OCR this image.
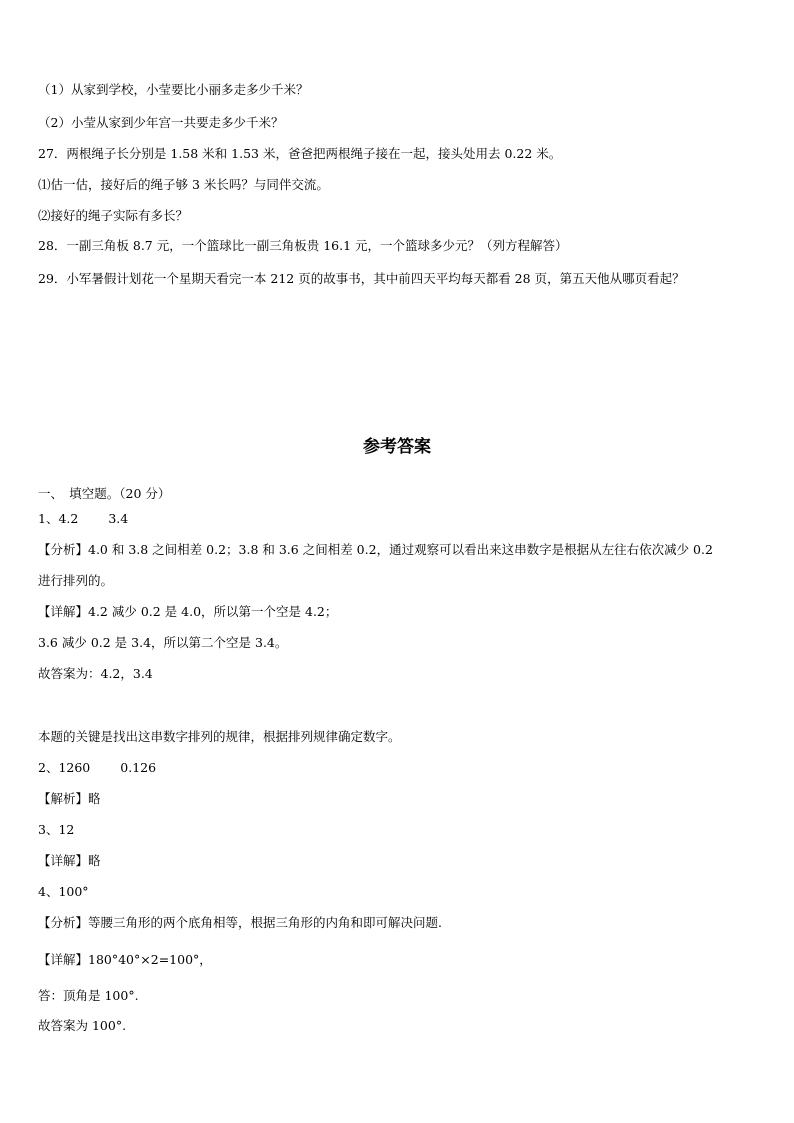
（1）从家到学校，小莹要比小丽多走多少千米？
（2）小莹从家到少年宫一共要走多少千米？
27．两根绳子长分别是 1.58 米和 1.53 米，爸爸把两根绳子接在一起，接头处用去 0.22 米。
⑴估一估，接好后的绳子够 3 米长吗？与同伴交流。
⑵接好的绳子实际有多长？
28．一副三角板 8.7 元，一个篮球比一副三角板贵 16.1 元，一个篮球多少元？（列方程解答）
29．小军暑假计划花一个星期天看完一本 212 页的故事书，其中前四天平均每天都看 28 页，第五天他从哪页看起？
参考答案
一、　填空题。（20 分）
1、4.2 3.4
【分析】4.0 和 3.8 之间相差 0.2；3.8 和 3.6 之间相差 0.2，通过观察可以看出来这串数字是根据从左往右依次减少 0.2
进行排列的。
【详解】4.2 减少 0.2 是 4.0，所以第一个空是 4.2；
3.6 减少 0.2 是 3.4，所以第二个空是 3.4。
故答案为：4.2，3.4
本题的关键是找出这串数字排列的规律，根据排列规律确定数字。
2、1260 0.126
【解析】略
3、12
【详解】略
4、100°
【分析】等腰三角形的两个底角相等，根据三角形的内角和即可解决问题.
【详解】180°40°×2=100°，
答：顶角是 100°.
故答案为 100°.
